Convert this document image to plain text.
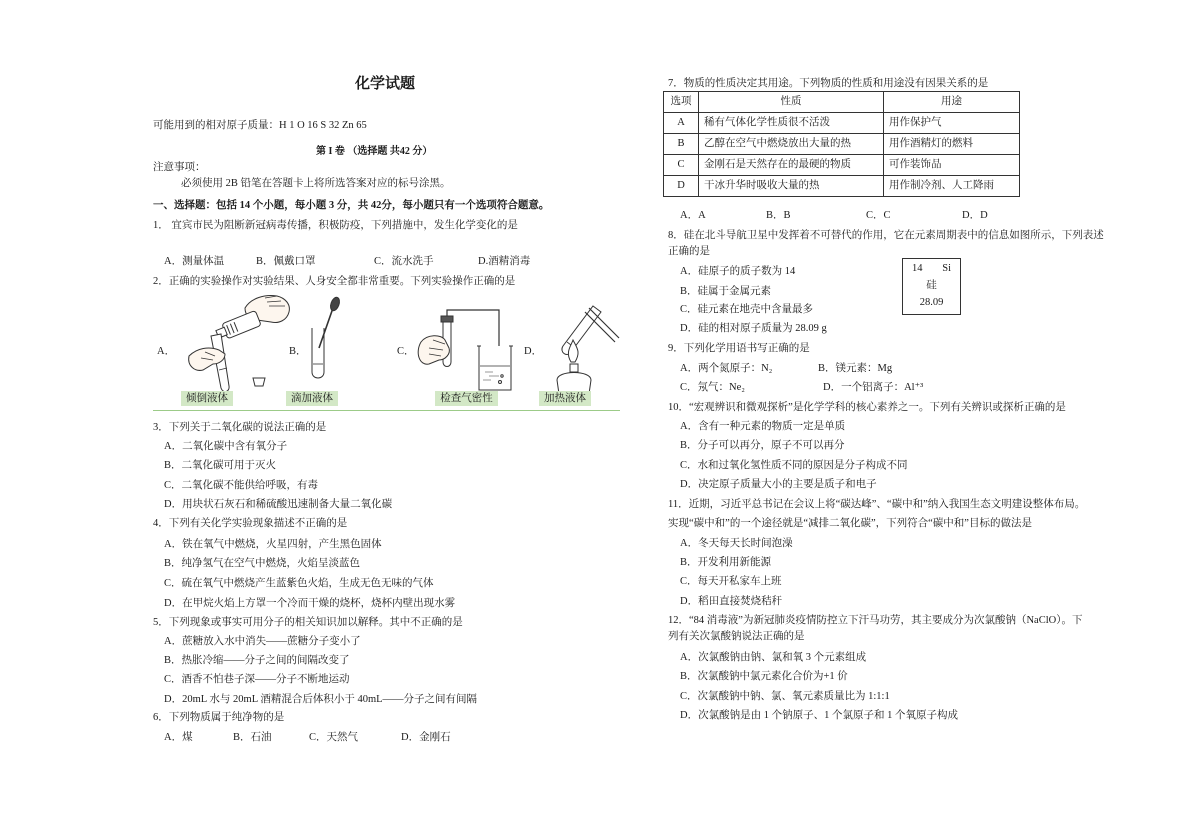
化学试题
可能用到的相对原子质量：H 1 O 16 S 32 Zn 65
第 I 卷 （选择题 共42 分）
注意事项：
必须使用 2B 铅笔在答题卡上将所选答案对应的标号涂黑。
一、选择题：包括 14 个小题，每小题 3 分，共 42分，每小题只有一个选项符合题意。
1． 宜宾市民为阻断新冠病毒传播，积极防疫，下列措施中，发生化学变化的是
A．测量体温	B．佩戴口罩	C．流水洗手	D.酒精消毒
2．正确的实验操作对实验结果、人身安全都非常重要。下列实验操作正确的是
A．	B．	C．	D．
倾倒液体	滴加液体	检查气密性	加热液体
3．下列关于二氧化碳的说法正确的是
A．二氧化碳中含有氧分子
B．二氧化碳可用于灭火
C．二氧化碳不能供给呼吸，有毒
D．用块状石灰石和稀硫酸迅速制备大量二氧化碳
4．下列有关化学实验现象描述不正确的是
A．铁在氧气中燃烧，火星四射，产生黑色固体
B．纯净氢气在空气中燃烧，火焰呈淡蓝色
C．硫在氧气中燃烧产生蓝紫色火焰，生成无色无味的气体
D．在甲烷火焰上方罩一个冷而干燥的烧杯，烧杯内壁出现水雾
5．下列现象或事实可用分子的相关知识加以解释。其中不正确的是
A．蔗糖放入水中消失——蔗糖分子变小了
B．热胀冷缩——分子之间的间隔改变了
C．酒香不怕巷子深——分子不断地运动
D．20mL 水与 20mL 酒精混合后体积小于 40mL——分子之间有间隔
6．下列物质属于纯净物的是
A．煤	B．石油	C．天然气	D．金刚石
7．物质的性质决定其用途。下列物质的性质和用途没有因果关系的是
选项	性质	用途
A	稀有气体化学性质很不活泼	用作保护气
B	乙醇在空气中燃烧放出大量的热	用作酒精灯的燃料
C	金刚石是天然存在的最硬的物质	可作装饰品
D	干冰升华时吸收大量的热	用作制冷剂、人工降雨
A．A	B．B	C．C	D．D
8．硅在北斗导航卫星中发挥着不可替代的作用，它在元素周期表中的信息如图所示，下列表述
正确的是
A．硅原子的质子数为 14
B．硅属于金属元素
C．硅元素在地壳中含量最多
D．硅的相对原子质量为 28.09 g
14 Si
硅
28.09
9．下列化学用语书写正确的是
A．两个氮原子：N₂	B．镁元素：Mg
C．氖气：Ne₂	D．一个铝离子：Al⁺³
10．“宏观辨识和微观探析”是化学学科的核心素养之一。下列有关辨识或探析正确的是
A．含有一种元素的物质一定是单质
B．分子可以再分，原子不可以再分
C．水和过氧化氢性质不同的原因是分子构成不同
D．决定原子质量大小的主要是质子和电子
11．近期，习近平总书记在会议上将“碳达峰”、“碳中和”纳入我国生态文明建设整体布局。
实现“碳中和”的一个途径就是“减排二氧化碳”，下列符合“碳中和”目标的做法是
A．冬天每天长时间泡澡
B．开发利用新能源
C．每天开私家车上班
D．稻田直接焚烧秸秆
12．“84 消毒液”为新冠肺炎疫情防控立下汗马功劳，其主要成分为次氯酸钠（NaClO）。下
列有关次氯酸钠说法正确的是
A．次氯酸钠由钠、氯和氧 3 个元素组成
B．次氯酸钠中氯元素化合价为+1 价
C．次氯酸钠中钠、氯、氧元素质量比为 1:1:1
D．次氯酸钠是由 1 个钠原子、1 个氯原子和 1 个氧原子构成
